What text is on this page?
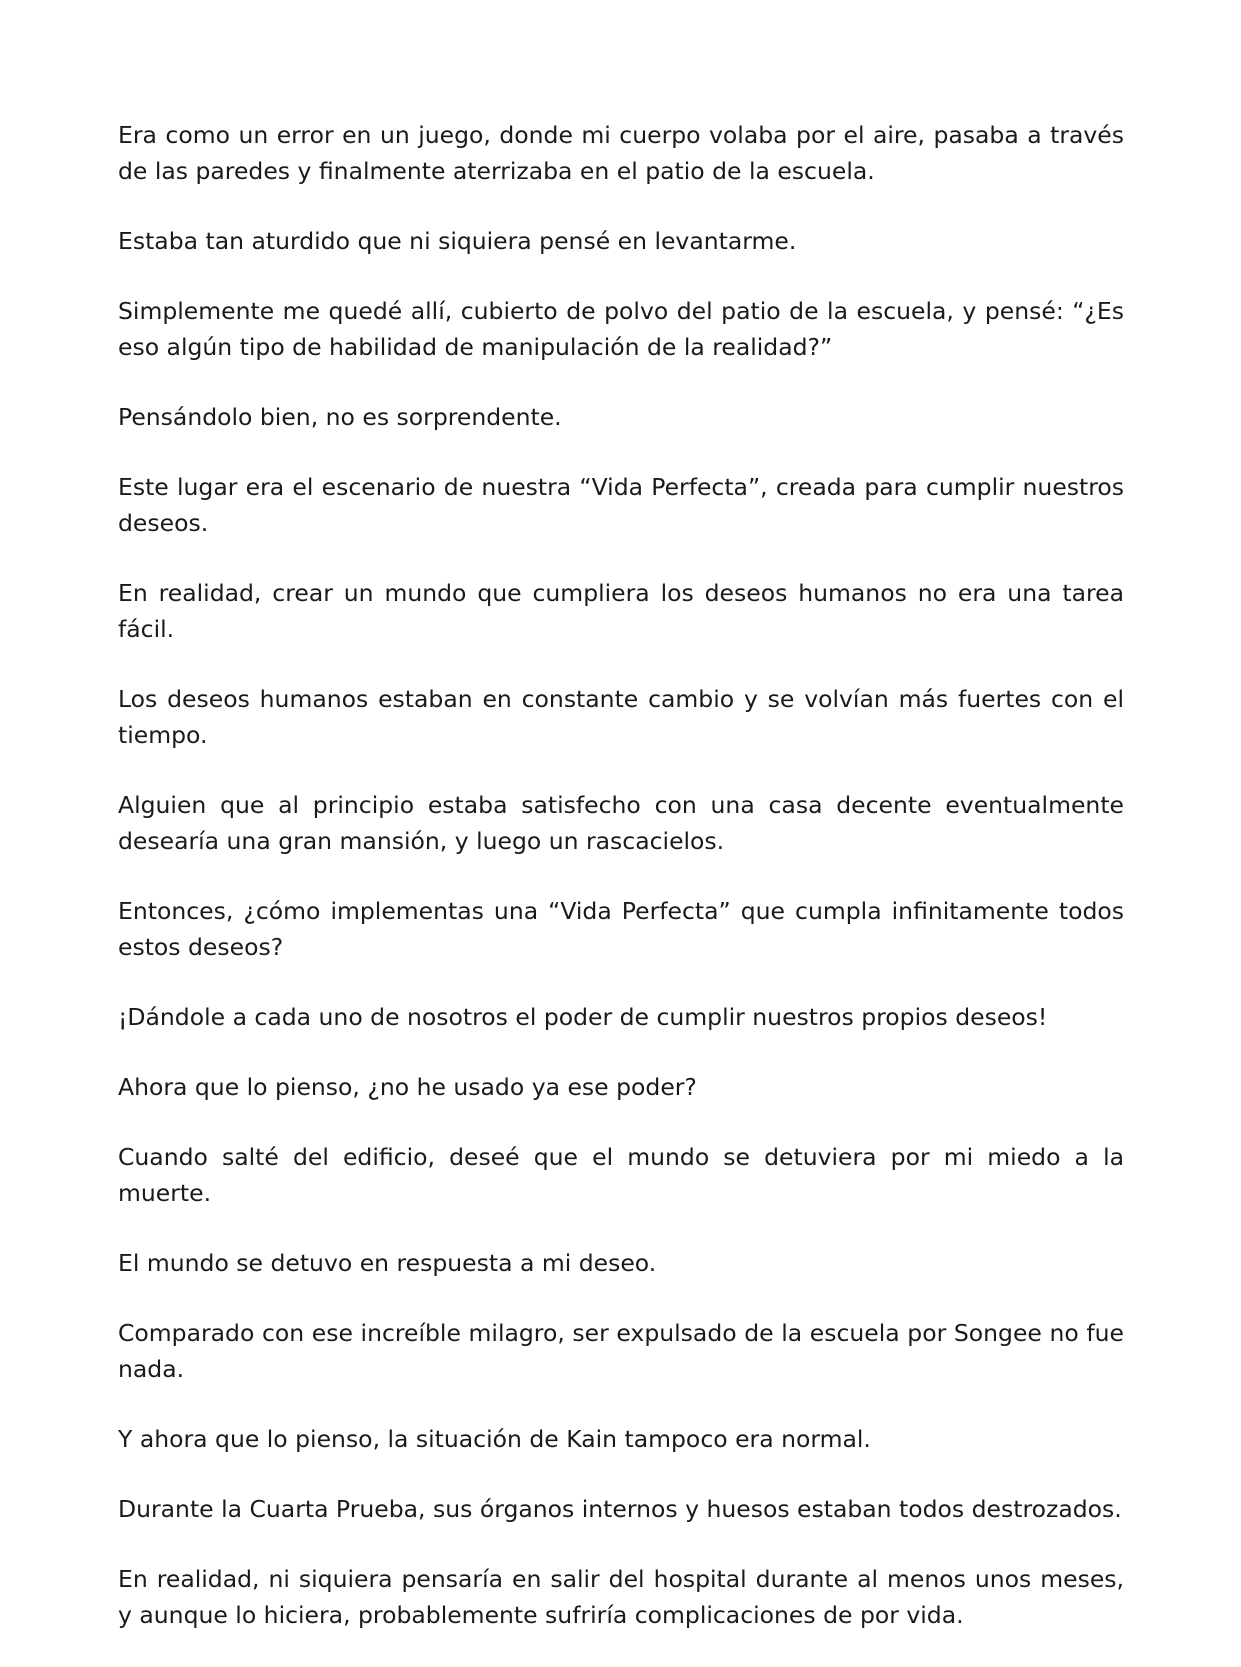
Era como un error en un juego, donde mi cuerpo volaba por el aire, pasaba a través de las paredes y finalmente aterrizaba en el patio de la escuela.

Estaba tan aturdido que ni siquiera pensé en levantarme.

Simplemente me quedé allí, cubierto de polvo del patio de la escuela, y pensé: “¿Es eso algún tipo de habilidad de manipulación de la realidad?”

Pensándolo bien, no es sorprendente.

Este lugar era el escenario de nuestra “Vida Perfecta”, creada para cumplir nuestros deseos.

En realidad, crear un mundo que cumpliera los deseos humanos no era una tarea fácil.

Los deseos humanos estaban en constante cambio y se volvían más fuertes con el tiempo.

Alguien que al principio estaba satisfecho con una casa decente eventualmente desearía una gran mansión, y luego un rascacielos.

Entonces, ¿cómo implementas una “Vida Perfecta” que cumpla infinitamente todos estos deseos?

¡Dándole a cada uno de nosotros el poder de cumplir nuestros propios deseos!

Ahora que lo pienso, ¿no he usado ya ese poder?

Cuando salté del edificio, deseé que el mundo se detuviera por mi miedo a la muerte.

El mundo se detuvo en respuesta a mi deseo.

Comparado con ese increíble milagro, ser expulsado de la escuela por Songee no fue nada.

Y ahora que lo pienso, la situación de Kain tampoco era normal.

Durante la Cuarta Prueba, sus órganos internos y huesos estaban todos destrozados.

En realidad, ni siquiera pensaría en salir del hospital durante al menos unos meses, y aunque lo hiciera, probablemente sufriría complicaciones de por vida.
